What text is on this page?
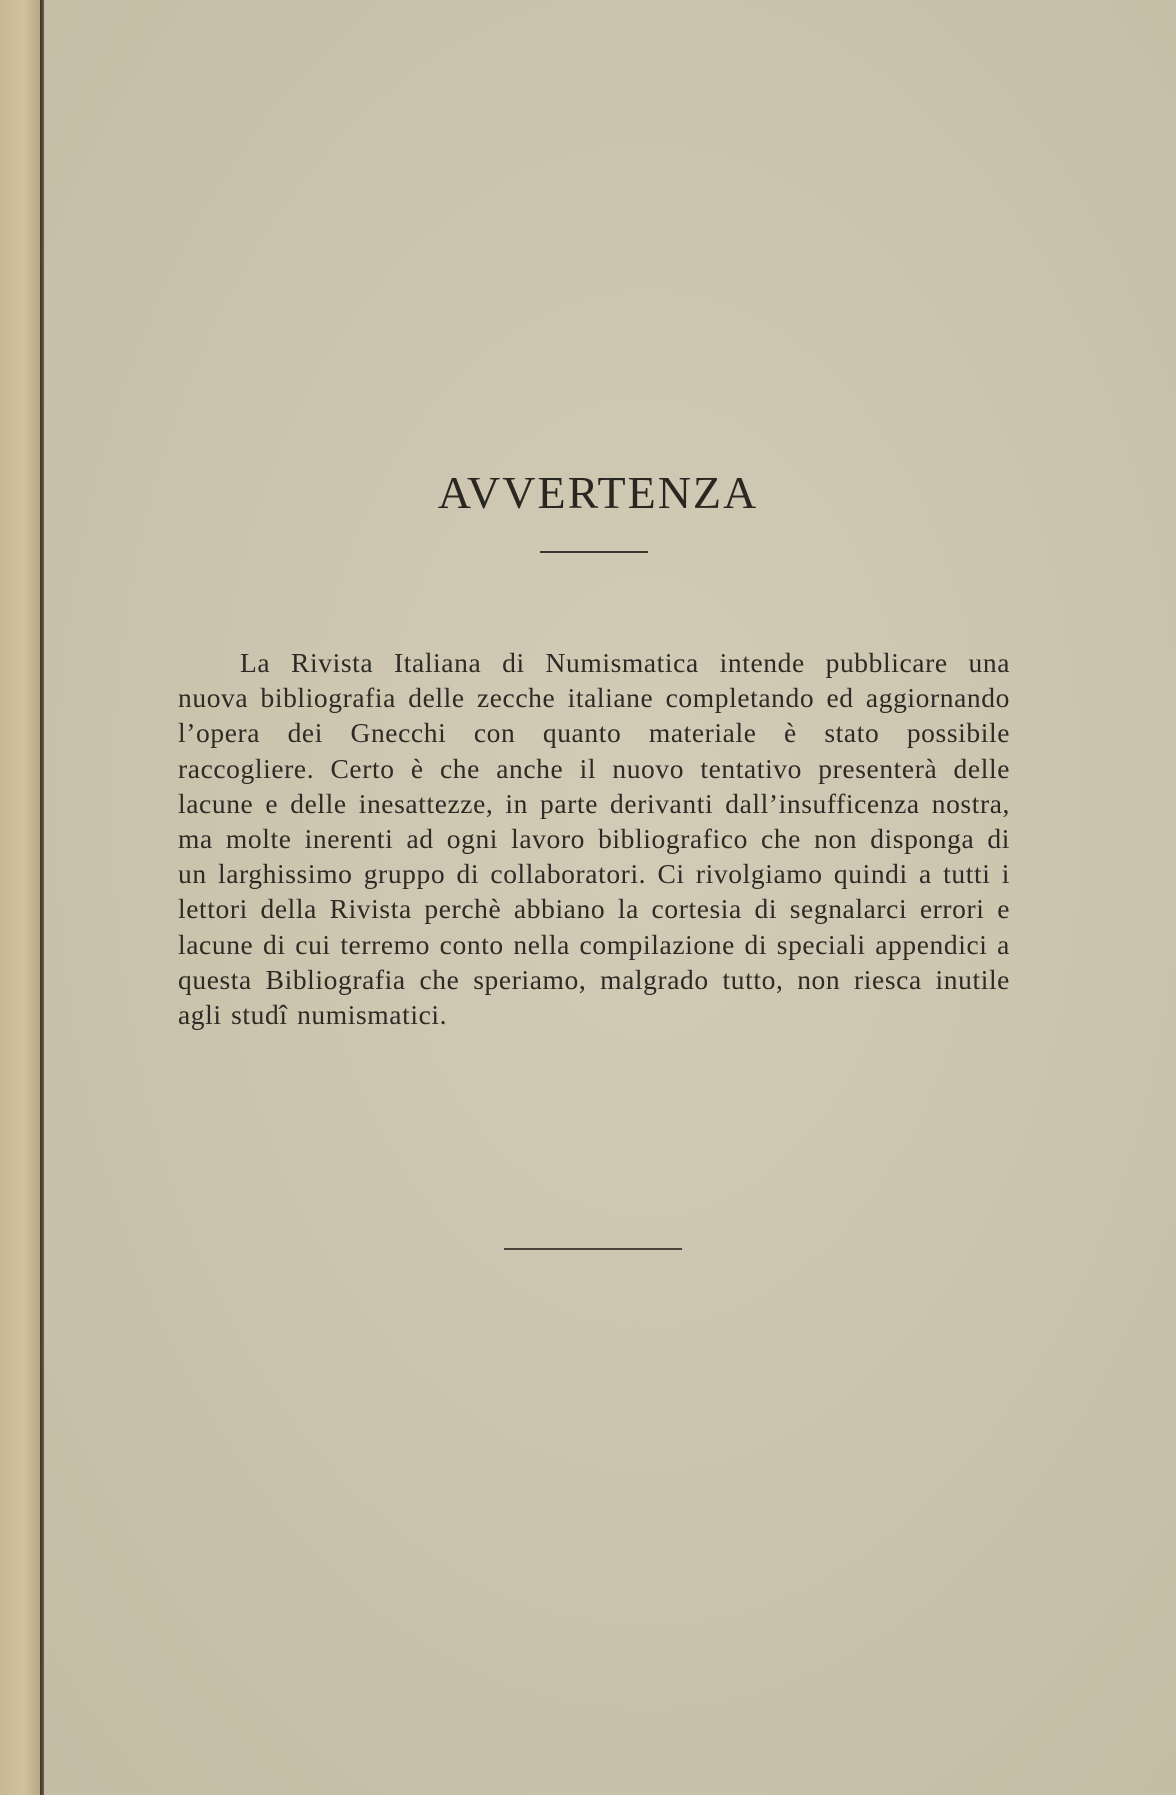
AVVERTENZA

La Rivista Italiana di Numismatica intende pubblicare una nuova bibliografia delle zecche italiane completando ed aggiornando l’opera dei Gnecchi con quanto materiale è stato possibile raccogliere. Certo è che anche il nuovo tentativo presenterà delle lacune e delle inesattezze, in parte derivanti dall’insufficenza nostra, ma molte inerenti ad ogni lavoro bibliografico che non disponga di un larghissimo gruppo di collaboratori. Ci rivolgiamo quindi a tutti i lettori della Rivista perchè abbiano la cortesia di segnalarci errori e lacune di cui terremo conto nella compilazione di speciali appendici a questa Bibliografia che speriamo, malgrado tutto, non riesca inutile agli studî numismatici.
